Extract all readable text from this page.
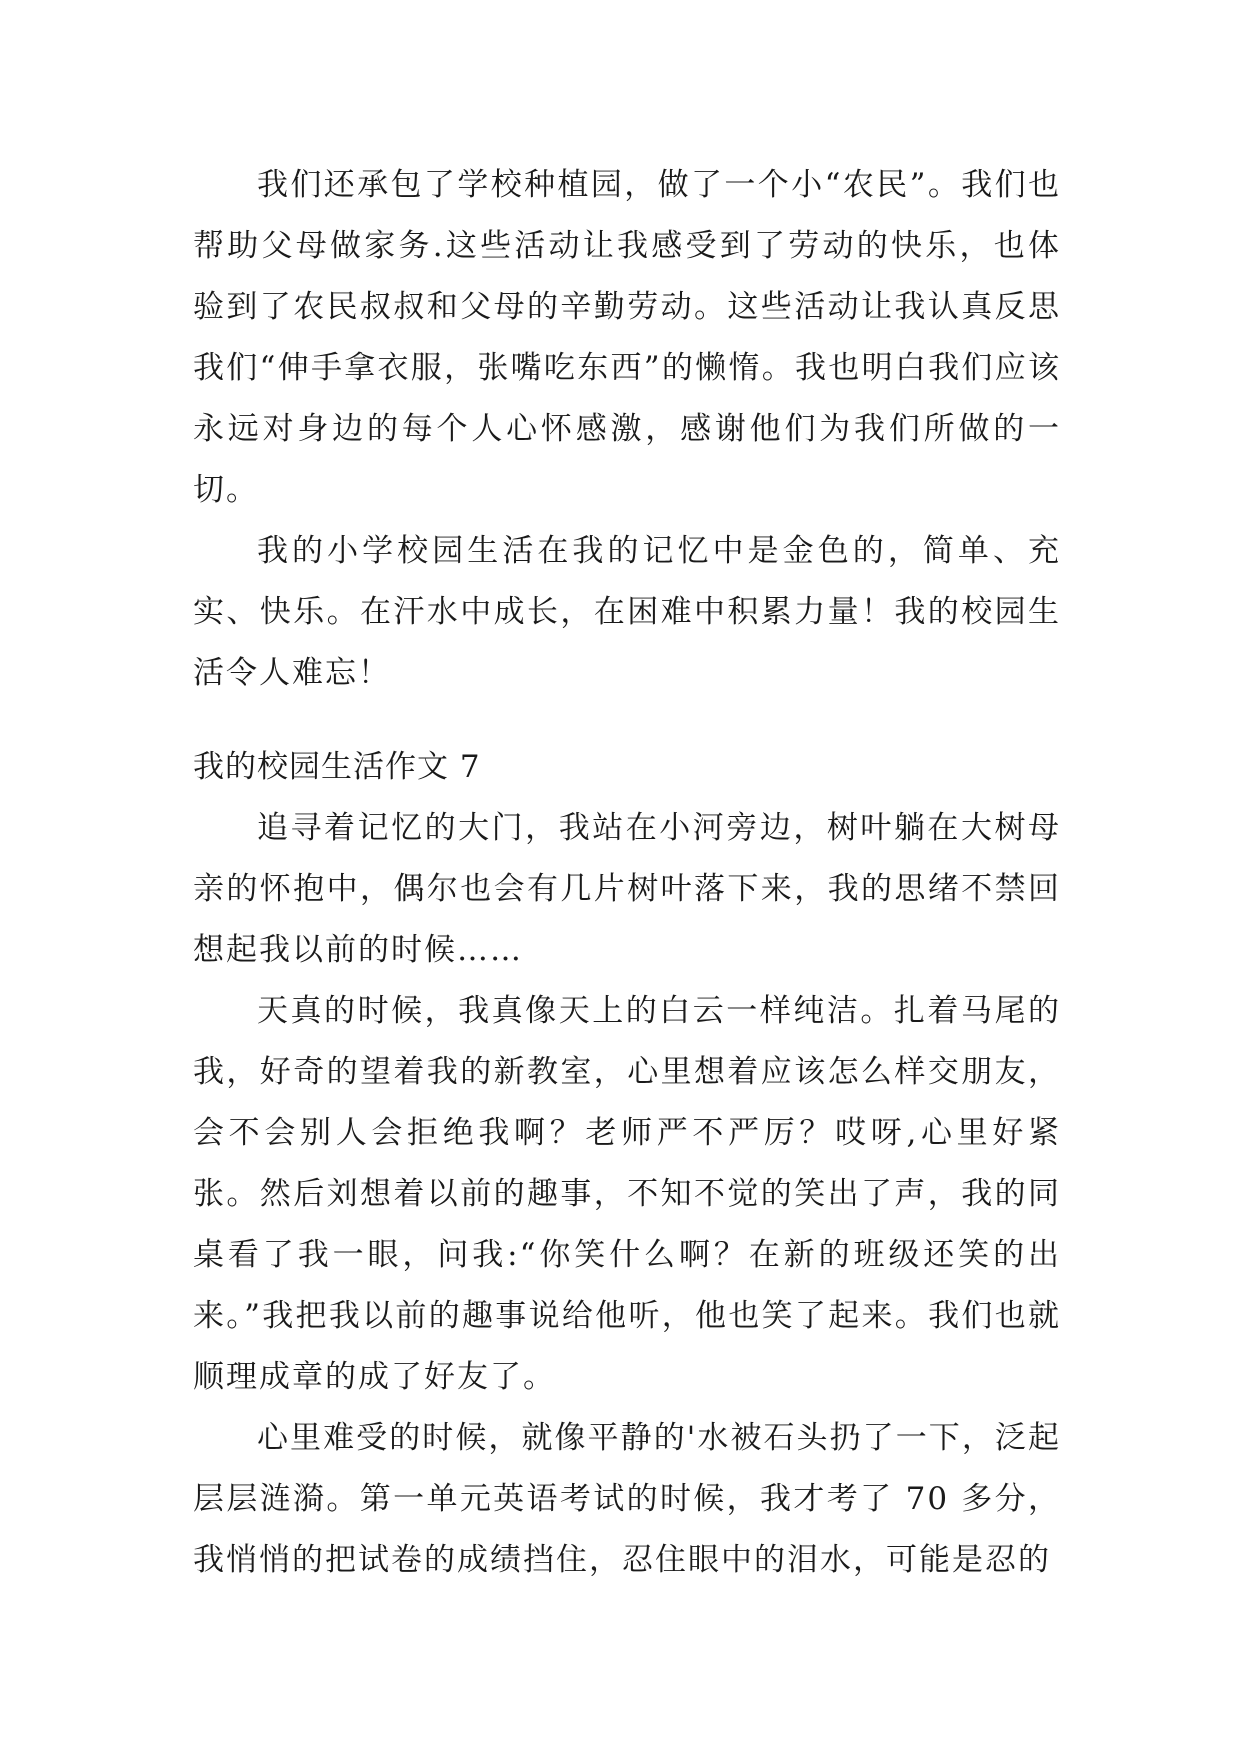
我们还承包了学校种植园，做了一个小“农民”。我们也帮助父母做家务.这些活动让我感受到了劳动的快乐，也体验到了农民叔叔和父母的辛勤劳动。这些活动让我认真反思我们“伸手拿衣服，张嘴吃东西”的懒惰。我也明白我们应该永远对身边的每个人心怀感激，感谢他们为我们所做的一切。

我的小学校园生活在我的记忆中是金色的，简单、充实、快乐。在汗水中成长，在困难中积累力量！我的校园生活令人难忘！

我的校园生活作文 7

追寻着记忆的大门，我站在小河旁边，树叶躺在大树母亲的怀抱中，偶尔也会有几片树叶落下来，我的思绪不禁回想起我以前的时候……

天真的时候，我真像天上的白云一样纯洁。扎着马尾的我，好奇的望着我的新教室，心里想着应该怎么样交朋友，会不会别人会拒绝我啊？老师严不严厉？哎呀,心里好紧张。然后刘想着以前的趣事，不知不觉的笑出了声，我的同桌看了我一眼，问我:“你笑什么啊？在新的班级还笑的出来。”我把我以前的趣事说给他听，他也笑了起来。我们也就顺理成章的成了好友了。

心里难受的时候，就像平静的'水被石头扔了一下，泛起层层涟漪。第一单元英语考试的时候，我才考了 70 多分，我悄悄的把试卷的成绩挡住，忍住眼中的泪水，可能是忍的
